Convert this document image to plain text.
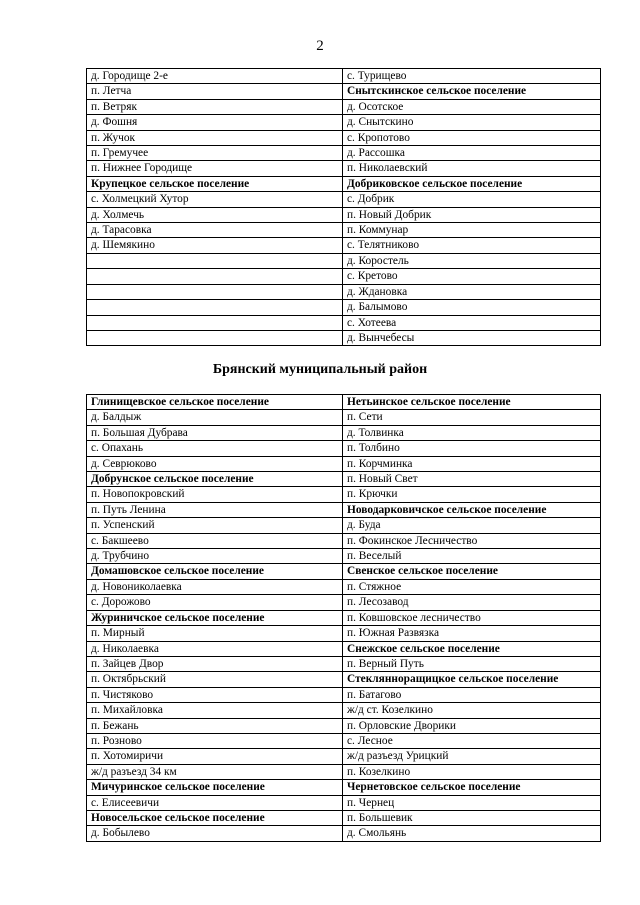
2
д. Городище 2-е	с. Турищево
п. Летча	Снытскинское сельское поселение
п. Ветряк	д. Осотское
д. Фошня	д. Снытскино
п. Жучок	с. Кропотово
п. Гремучее	д. Рассошка
п. Нижнее Городище	п. Николаевский
Крупецкое сельское поселение	Добриковское сельское поселение
с. Холмецкий Хутор	с. Добрик
д. Холмечь	п. Новый Добрик
д. Тарасовка	п. Коммунар
д. Шемякино	с. Телятниково
	д. Коростель
	с. Кретово
	д. Ждановка
	д. Балымово
	с. Хотеева
	д. Вынчебесы
Брянский муниципальный район
Глинищевское сельское поселение	Нетьинское сельское поселение
д. Балдыж	п. Сети
п. Большая Дубрава	д. Толвинка
с. Опахань	п. Толбино
д. Севрюково	п. Корчминка
Добрунское сельское поселение	п. Новый Свет
п. Новопокровский	п. Крючки
п. Путь Ленина	Новодарковичское сельское поселение
п. Успенский	д. Буда
с. Бакшеево	п. Фокинское Лесничество
д. Трубчино	п. Веселый
Домашовское сельское поселение	Свенское сельское поселение
д. Новониколаевка	п. Стяжное
с. Дорожово	п. Лесозавод
Журиничское сельское поселение	п. Ковшовское лесничество
п. Мирный	п. Южная Развязка
д. Николаевка	Снежское сельское поселение
п. Зайцев Двор	п. Верный Путь
п. Октябрьский	Стеклянноращицкое сельское поселение
п. Чистяково	п. Батагово
п. Михайловка	ж/д ст. Козелкино
п. Бежань	п. Орловские Дворики
п. Розново	с. Лесное
п. Хотомиричи	ж/д разъезд Урицкий
ж/д разъезд 34 км	п. Козелкино
Мичуринское сельское поселение	Чернетовское сельское поселение
с. Елисеевичи	п. Чернец
Новосельское сельское поселение	п. Большевик
д. Бобылево	д. Смольянь
